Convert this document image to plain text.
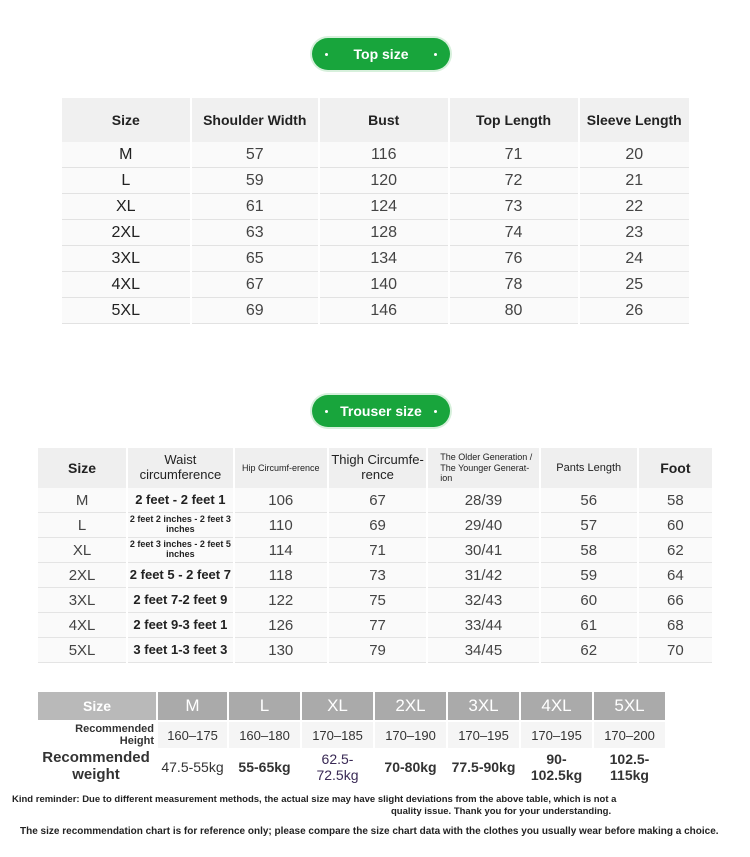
Top size
Size	Shoulder Width	Bust	Top Length	Sleeve Length
M	57	116	71	20
L	59	120	72	21
XL	61	124	73	22
2XL	63	128	74	23
3XL	65	134	76	24
4XL	67	140	78	25
5XL	69	146	80	26
Trouser size
Size	Waist circumference	Hip Circumf-erence	Thigh Circumfe-rence	The Older Generation / The Younger Generat-ion	Pants Length	Foot
M	2 feet - 2 feet 1	106	67	28/39	56	58
L	2 feet 2 inches - 2 feet 3 inches	110	69	29/40	57	60
XL	2 feet 3 inches - 2 feet 5 inches	114	71	30/41	58	62
2XL	2 feet 5 - 2 feet 7	118	73	31/42	59	64
3XL	2 feet 7-2 feet 9	122	75	32/43	60	66
4XL	2 feet 9-3 feet 1	126	77	33/44	61	68
5XL	3 feet 1-3 feet 3	130	79	34/45	62	70
Size	M	L	XL	2XL	3XL	4XL	5XL
Recommended Height	160–175	160–180	170–185	170–190	170–195	170–195	170–200
Recommended weight	47.5-55kg	55-65kg	62.5-72.5kg	70-80kg	77.5-90kg	90-102.5kg	102.5-115kg
Kind reminder: Due to different measurement methods, the actual size may have slight deviations from the above table, which is not a
quality issue. Thank you for your understanding.
The size recommendation chart is for reference only; please compare the size chart data with the clothes you usually wear before making a choice.
